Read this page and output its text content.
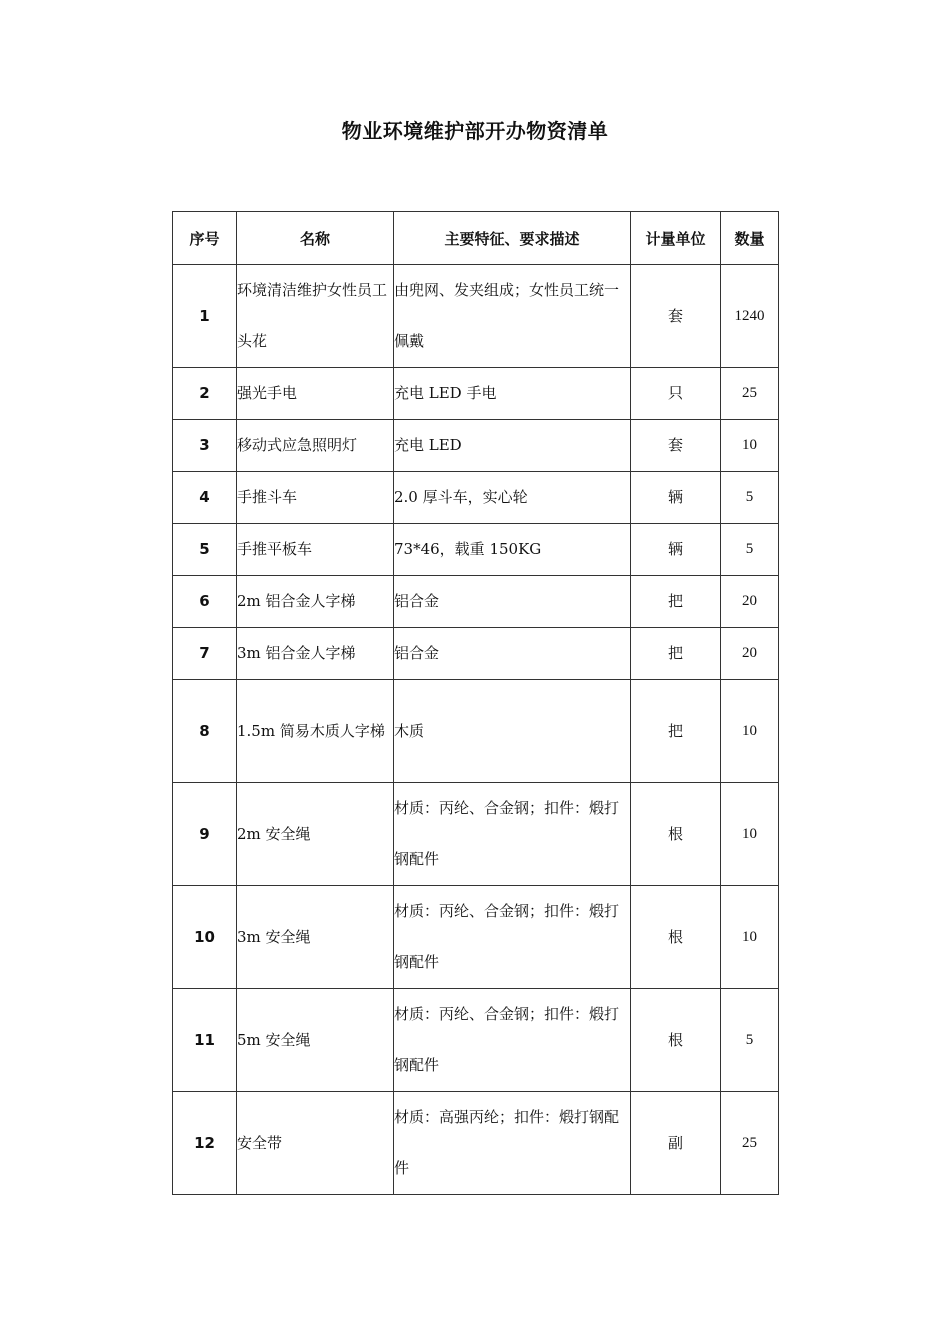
物业环境维护部开办物资清单
序号	名称	主要特征、要求描述	计量单位	数量
1	环境清洁维护女性员工头花	由兜网、发夹组成；女性员工统一佩戴	套	1240
2	强光手电	充电 LED 手电	只	25
3	移动式应急照明灯	充电 LED	套	10
4	手推斗车	2.0 厚斗车，实心轮	辆	5
5	手推平板车	73*46，载重 150KG	辆	5
6	2m 铝合金人字梯	铝合金	把	20
7	3m 铝合金人字梯	铝合金	把	20
8	1.5m 简易木质人字梯	木质	把	10
9	2m 安全绳	材质：丙纶、合金钢；扣件：煅打钢配件	根	10
10	3m 安全绳	材质：丙纶、合金钢；扣件：煅打钢配件	根	10
11	5m 安全绳	材质：丙纶、合金钢；扣件：煅打钢配件	根	5
12	安全带	材质：高强丙纶；扣件：煅打钢配件	副	25
